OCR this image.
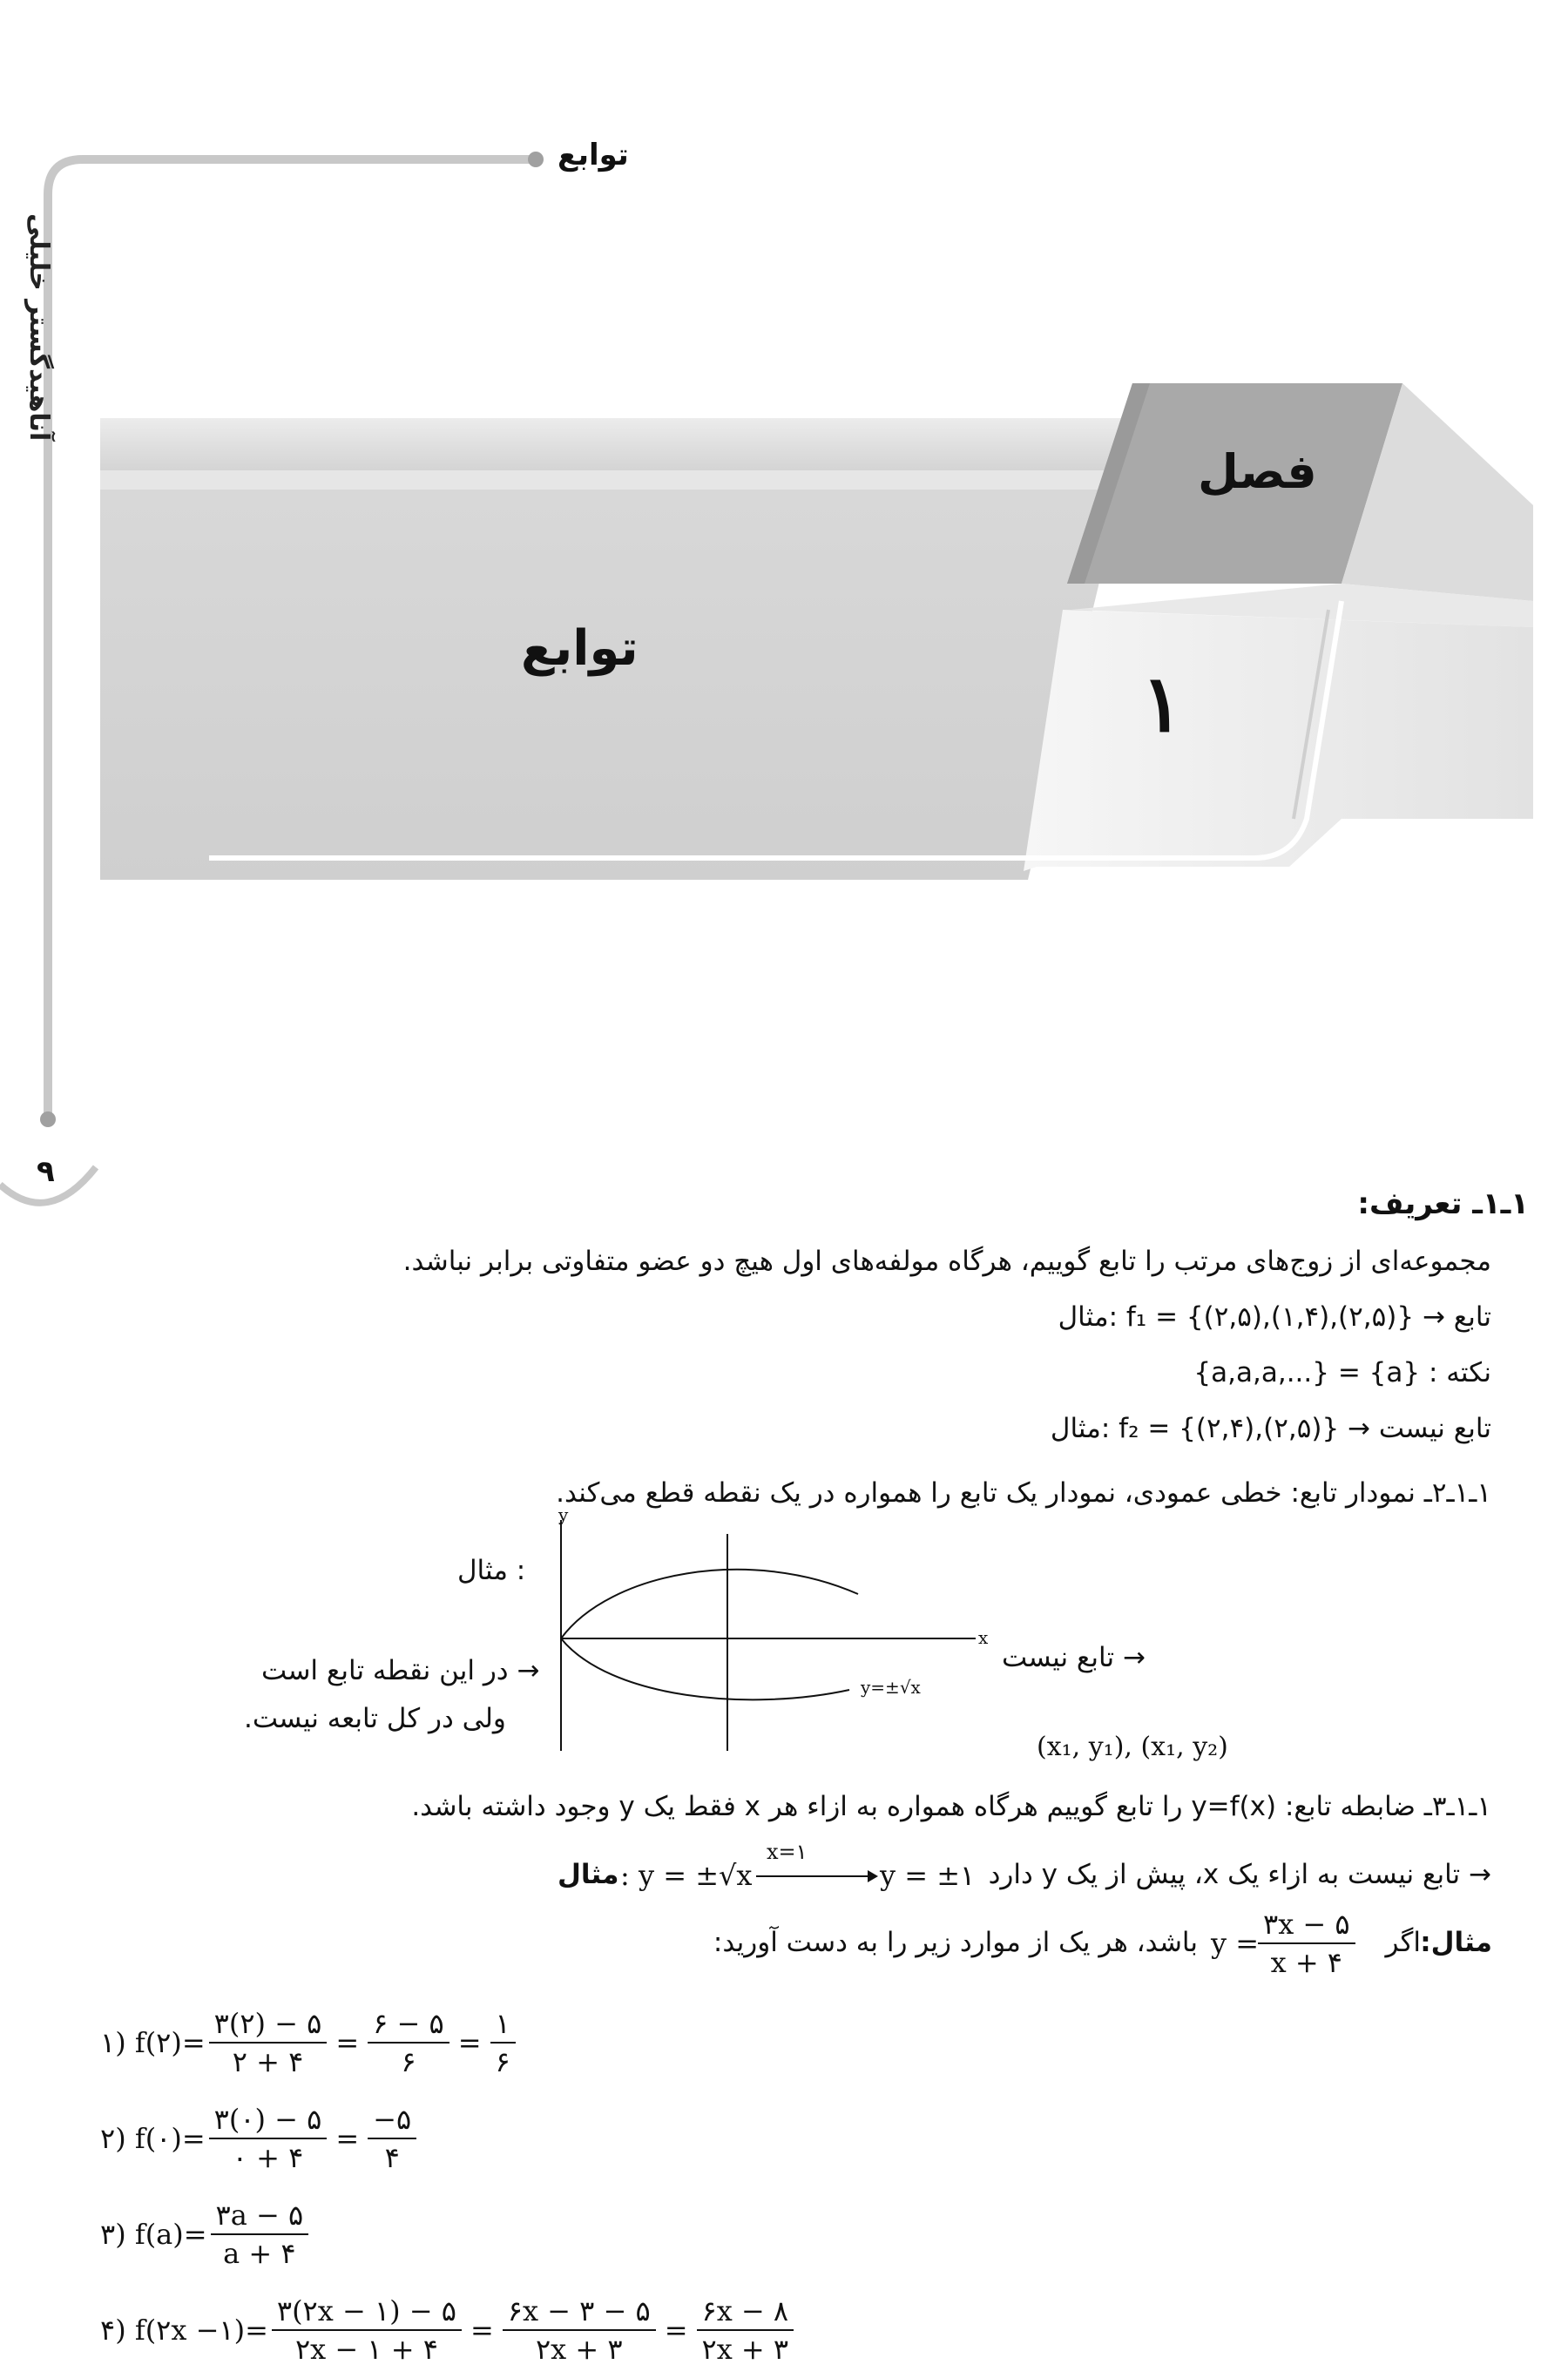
توابع
آناهیدگستر خلیلی
۹
فصل
۱
توابع
۱ـ۱ـ تعریف:
مجموعه‌ای از زوج‌های مرتب را تابع گوییم، هرگاه مولفه‌های اول هیچ دو عضو متفاوتی برابر نباشد.
تابع → {(۲,۵),(۱,۴),(۲,۵)} = f₁ :مثال
{a,a,a,...} = {a} : نکته
تابع نیست → {(۲,۵),(۲,۴)} = f₂ :مثال
۱ـ۱ـ۲ـ نمودار تابع: خطی عمودی، نمودار یک تابع را همواره در یک نقطه قطع می‌کند.
: مثال
y
x
y=±√x
(x₁, y₁), (x₁, y₂)
→ تابع نیست
→ در این نقطه تابع است
ولی در کل تابعه نیست.
۱ـ۱ـ۳ـ ضابطه تابع: y=f(x) را تابع گوییم هرگاه همواره به ازاء هر x فقط یک y وجود داشته باشد.
→ تابع نیست به ازاء یک x، پیش از یک y دارد
y = ±۱
x=۱
: y = ±√x
مثال
مثال:
اگر
$\frac{۳x - ۵}{x + ۴}$
y =
باشد، هر یک از موارد زیر را به دست آورید:
۱) f(۲)= $\frac{۳(۲) - ۵}{۲ + ۴} = \frac{۶ - ۵}{۶} = \frac{۱}{۶}$
۲) f(۰)= $\frac{۳(۰) - ۵}{۰ + ۴} = \frac{-۵}{۴}$
۳) $f(a)= \frac{۳a - ۵}{a + ۴}$
۴) f(۲x −۱)= $\frac{۳(۲x - ۱) - ۵}{۲x - ۱ + ۴} = \frac{۶x - ۳ - ۵}{۲x + ۳} = \frac{۶x - ۸}{۲x + ۳}$
